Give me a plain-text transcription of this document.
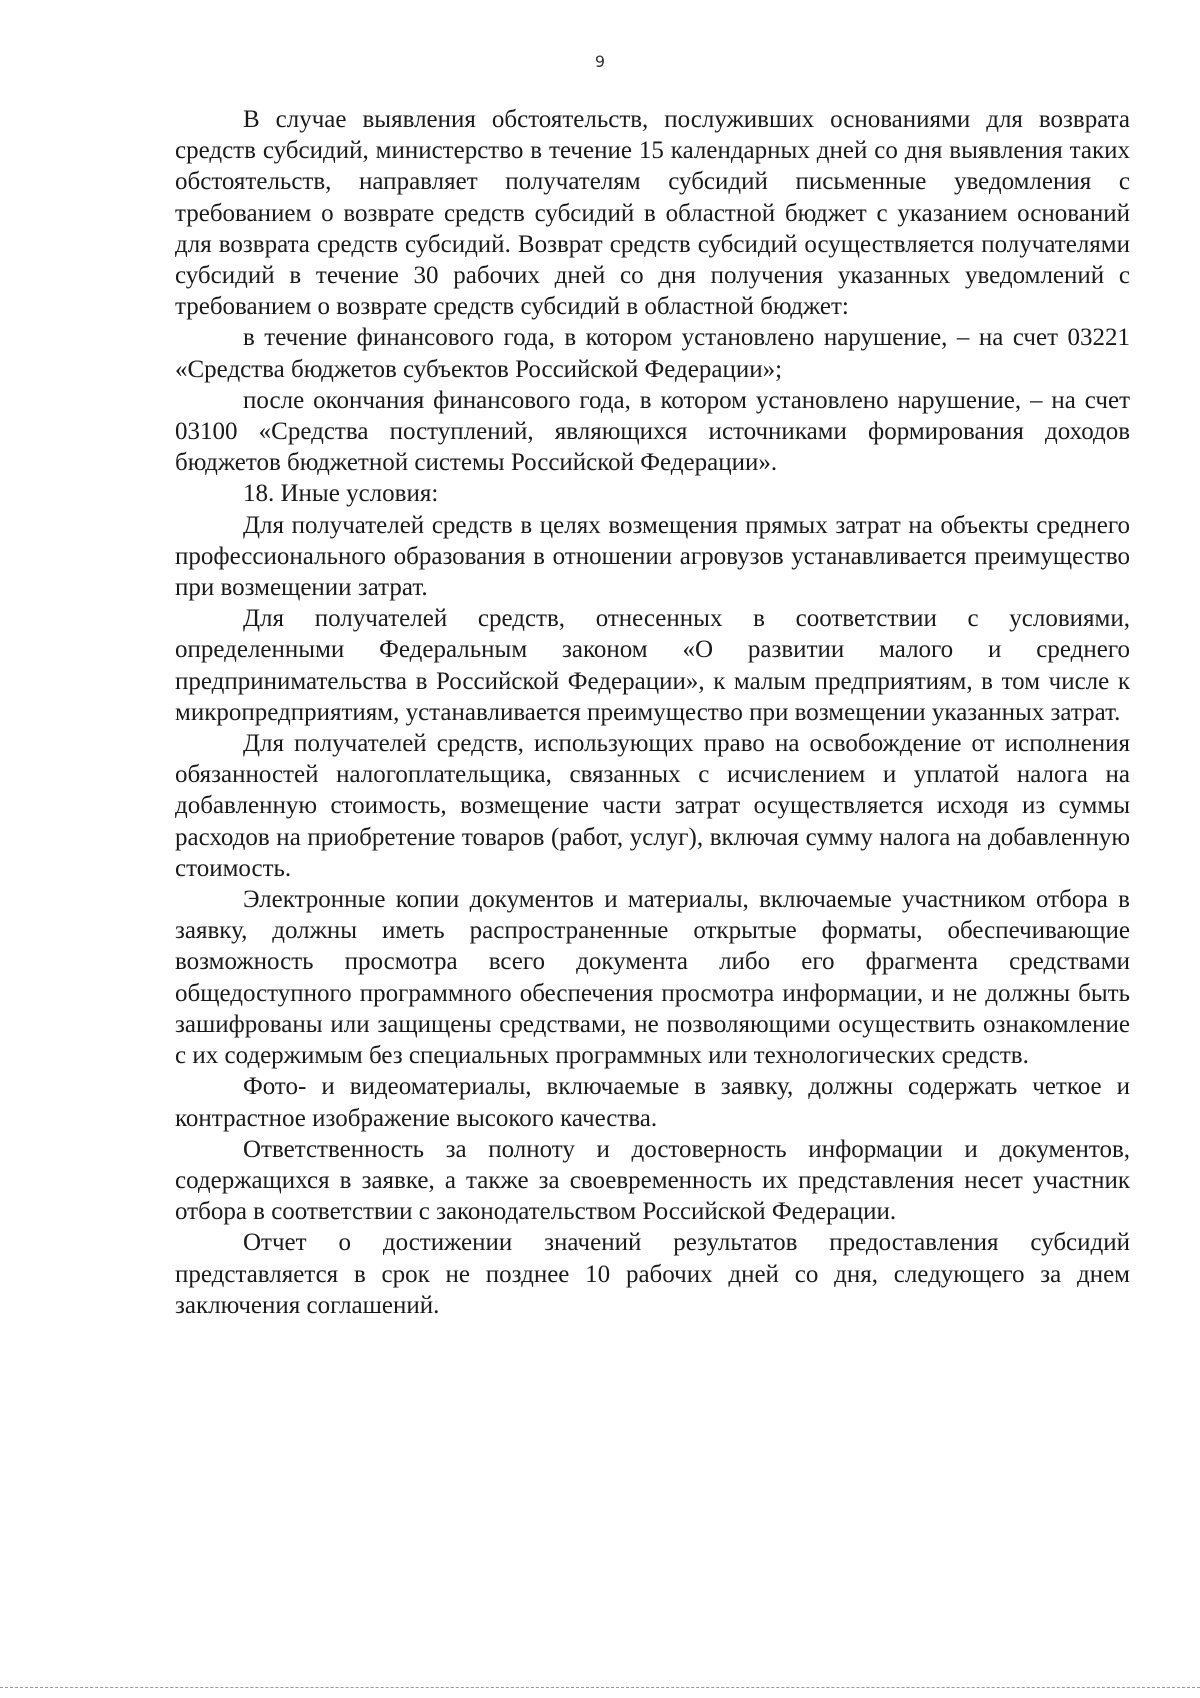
9

В случае выявления обстоятельств, послуживших основаниями для возврата средств субсидий, министерство в течение 15 календарных дней со дня выявления таких обстоятельств, направляет получателям субсидий письменные уведомления с требованием о возврате средств субсидий в областной бюджет с указанием оснований для возврата средств субсидий. Возврат средств субсидий осуществляется получателями субсидий в течение 30 рабочих дней со дня получения указанных уведомлений с требованием о возврате средств субсидий в областной бюджет:

в течение финансового года, в котором установлено нарушение, – на счет 03221 «Средства бюджетов субъектов Российской Федерации»;

после окончания финансового года, в котором установлено нарушение, – на счет 03100 «Средства поступлений, являющихся источниками формирования доходов бюджетов бюджетной системы Российской Федерации».

18. Иные условия:

Для получателей средств в целях возмещения прямых затрат на объекты среднего профессионального образования в отношении агровузов устанавливается преимущество при возмещении затрат.

Для получателей средств, отнесенных в соответствии с условиями, определенными Федеральным законом «О развитии малого и среднего предпринимательства в Российской Федерации», к малым предприятиям, в том числе к микропредприятиям, устанавливается преимущество при возмещении указанных затрат.

Для получателей средств, использующих право на освобождение от исполнения обязанностей налогоплательщика, связанных с исчислением и уплатой налога на добавленную стоимость, возмещение части затрат осуществляется исходя из суммы расходов на приобретение товаров (работ, услуг), включая сумму налога на добавленную стоимость.

Электронные копии документов и материалы, включаемые участником отбора в заявку, должны иметь распространенные открытые форматы, обеспечивающие возможность просмотра всего документа либо его фрагмента средствами общедоступного программного обеспечения просмотра информации, и не должны быть зашифрованы или защищены средствами, не позволяющими осуществить ознакомление с их содержимым без специальных программных или технологических средств.

Фото- и видеоматериалы, включаемые в заявку, должны содержать четкое и контрастное изображение высокого качества.

Ответственность за полноту и достоверность информации и документов, содержащихся в заявке, а также за своевременность их представления несет участник отбора в соответствии с законодательством Российской Федерации.

Отчет о достижении значений результатов предоставления субсидий представляется в срок не позднее 10 рабочих дней со дня, следующего за днем заключения соглашений.
